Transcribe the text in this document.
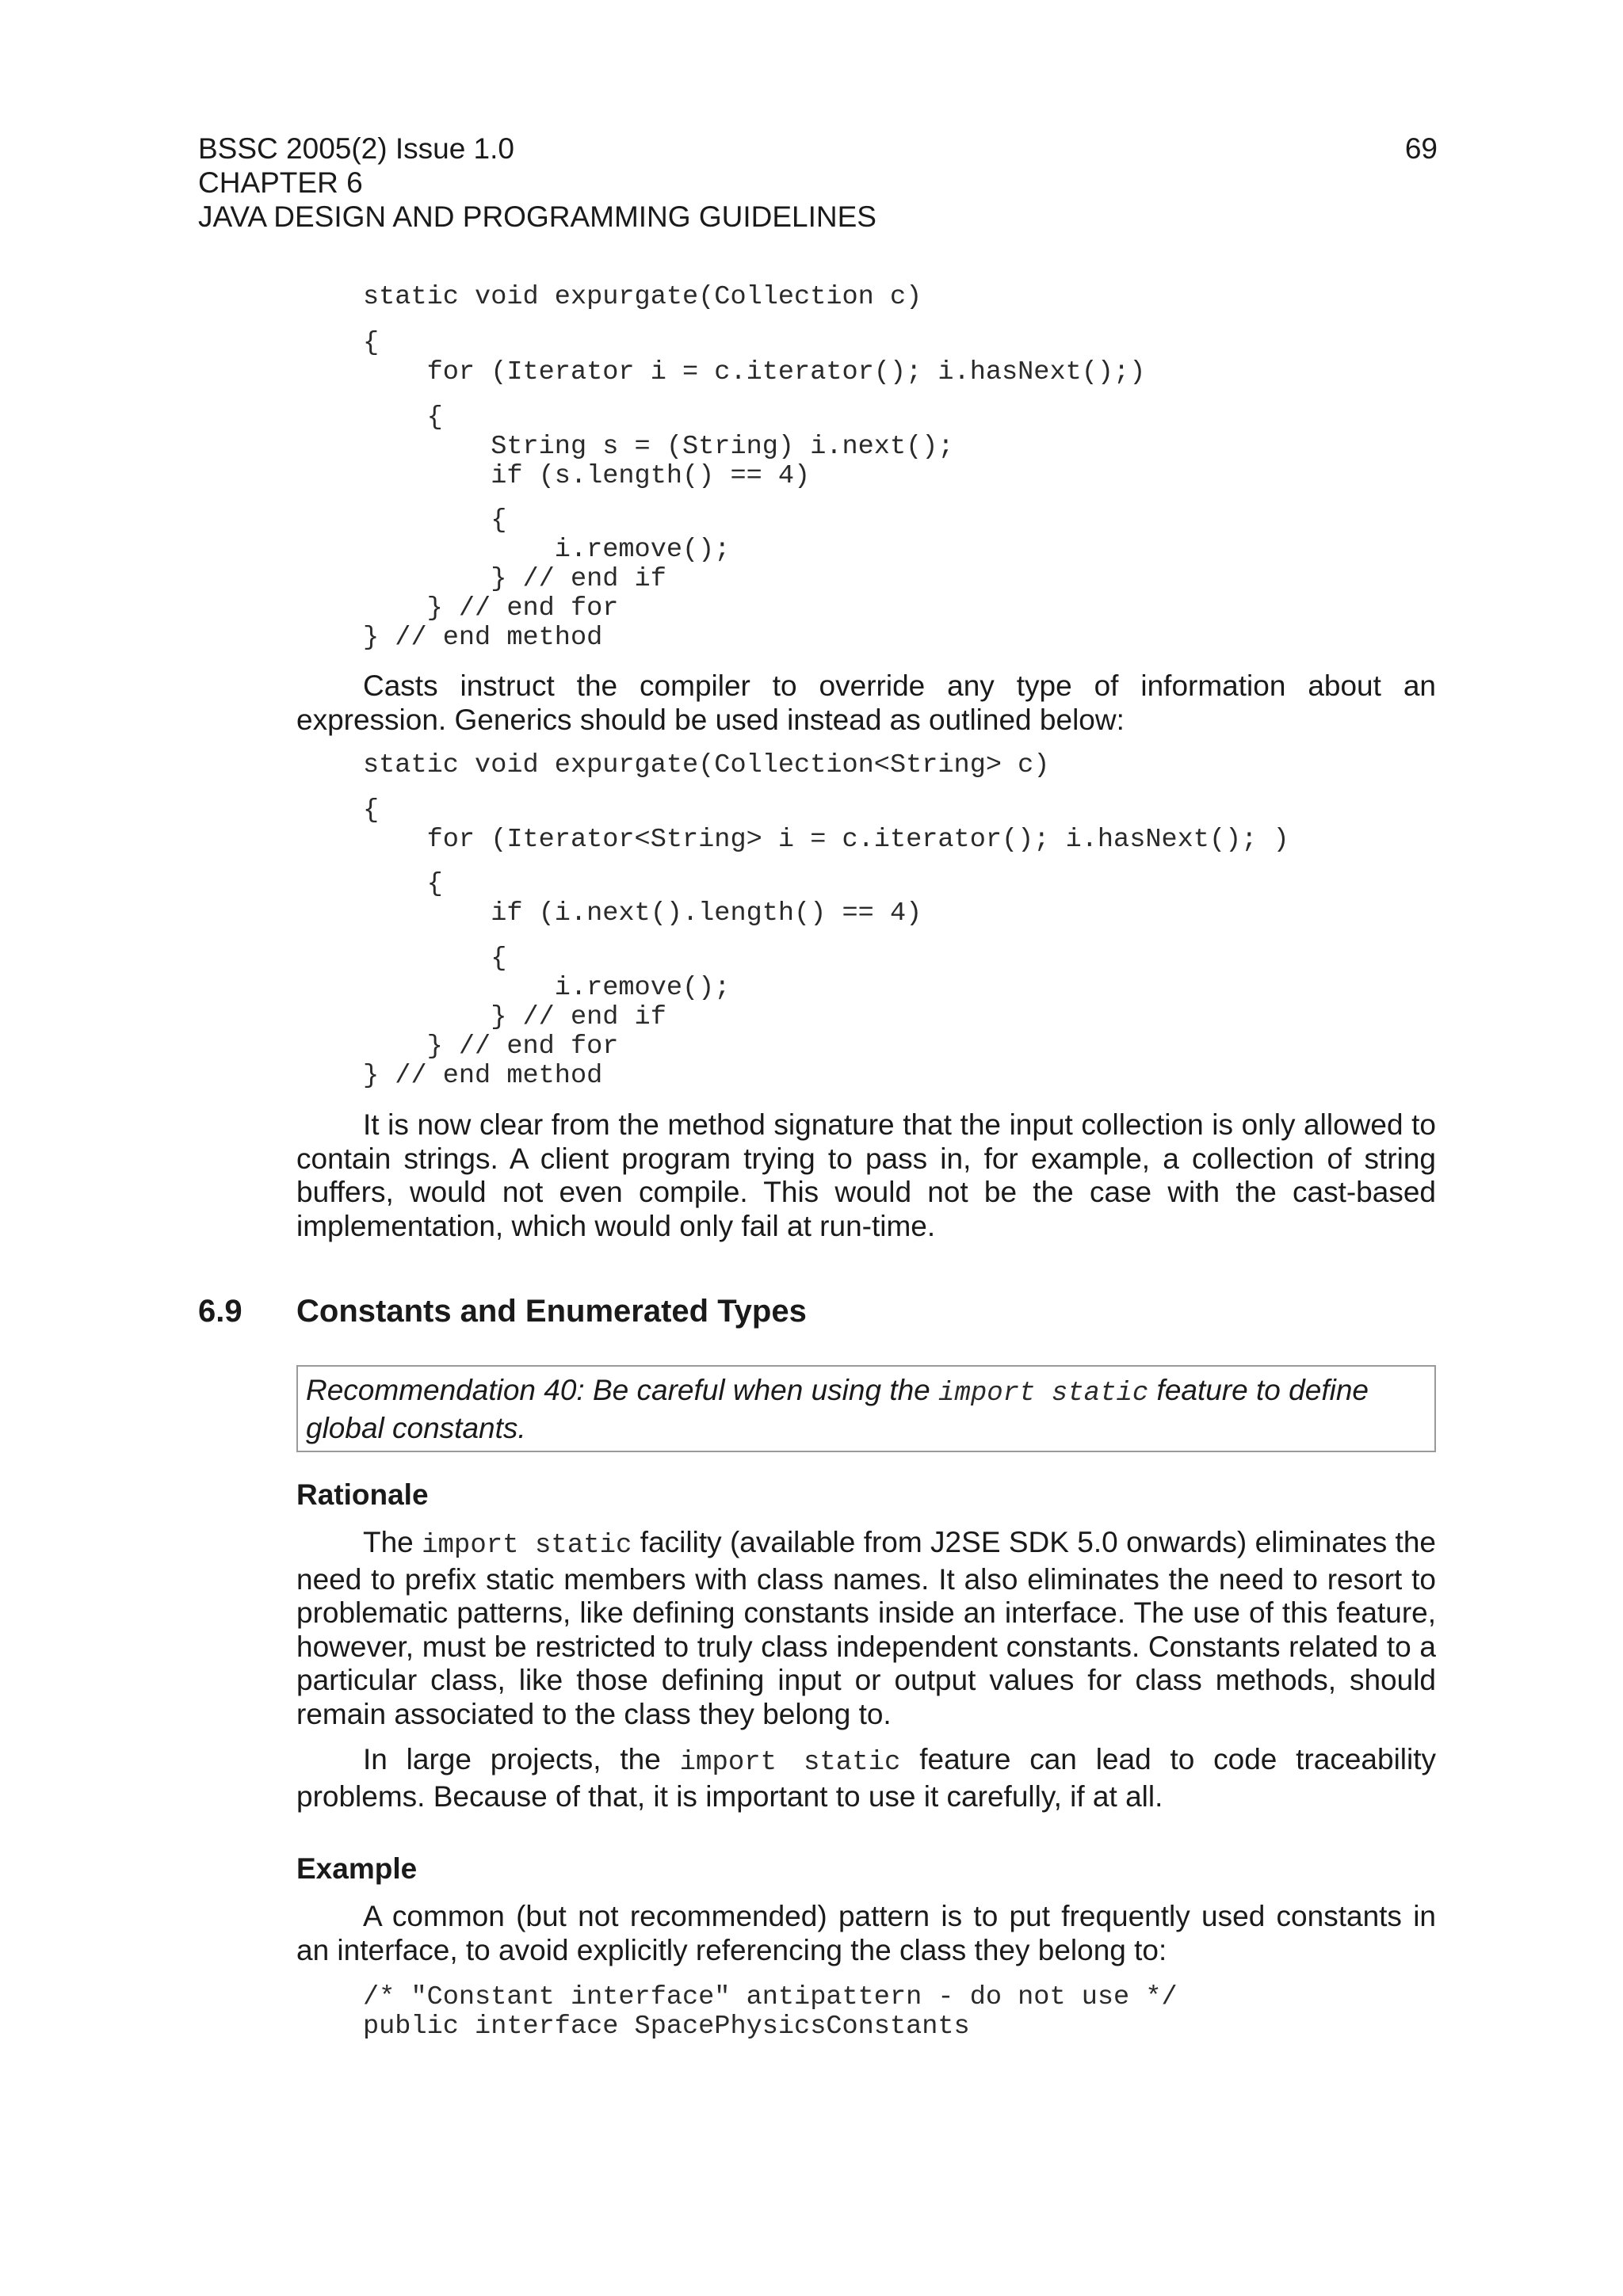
BSSC 2005(2) Issue 1.0
CHAPTER 6
JAVA DESIGN AND PROGRAMMING GUIDELINES
69
static void expurgate(Collection c)
{
for (Iterator i = c.iterator(); i.hasNext();)
{
String s = (String) i.next();
if (s.length() == 4)
{
i.remove();
} // end if
} // end for
} // end method

Casts instruct the compiler to override any type of information about an expression. Generics should be used instead as outlined below:

static void expurgate(Collection<String> c)
{
for (Iterator<String> i = c.iterator(); i.hasNext(); )
{
if (i.next().length() == 4)
{
i.remove();
} // end if
} // end for
} // end method

It is now clear from the method signature that the input collection is only allowed to contain strings. A client program trying to pass in, for example, a collection of string buffers, would not even compile. This would not be the case with the cast-based implementation, which would only fail at run-time.

6.9 Constants and Enumerated Types
Recommendation 40: Be careful when using the import static feature to define global constants.
Rationale

The import static facility (available from J2SE SDK 5.0 onwards) eliminates the need to prefix static members with class names. It also eliminates the need to resort to problematic patterns, like defining constants inside an interface. The use of this feature, however, must be restricted to truly class independent constants. Constants related to a particular class, like those defining input or output values for class methods, should remain associated to the class they belong to.

In large projects, the import static feature can lead to code traceability problems. Because of that, it is important to use it carefully, if at all.

Example

A common (but not recommended) pattern is to put frequently used constants in an interface, to avoid explicitly referencing the class they belong to:

/* "Constant interface" antipattern - do not use */
public interface SpacePhysicsConstants
